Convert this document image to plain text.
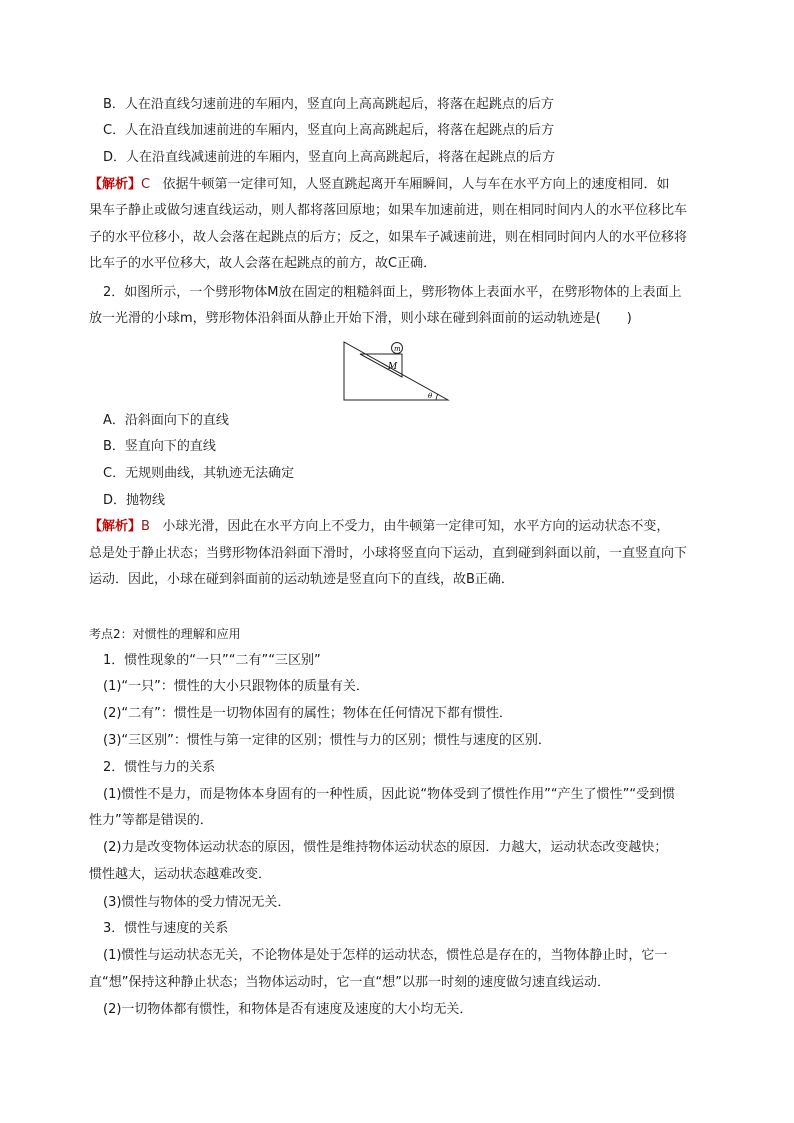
B．人在沿直线匀速前进的车厢内，竖直向上高高跳起后，将落在起跳点的后方
C．人在沿直线加速前进的车厢内，竖直向上高高跳起后，将落在起跳点的后方
D．人在沿直线减速前进的车厢内，竖直向上高高跳起后，将落在起跳点的后方
【解析】C 依据牛顿第一定律可知，人竖直跳起离开车厢瞬间，人与车在水平方向上的速度相同．如
果车子静止或做匀速直线运动，则人都将落回原地；如果车加速前进，则在相同时间内人的水平位移比车
子的水平位移小，故人会落在起跳点的后方；反之，如果车子减速前进，则在相同时间内人的水平位移将
比车子的水平位移大，故人会落在起跳点的前方，故C正确．
2．如图所示，一个劈形物体M放在固定的粗糙斜面上，劈形物体上表面水平，在劈形物体的上表面上
放一光滑的小球m，劈形物体沿斜面从静止开始下滑，则小球在碰到斜面前的运动轨迹是(　　)
m
M
θ
A．沿斜面向下的直线
B．竖直向下的直线
C．无规则曲线，其轨迹无法确定
D．抛物线
【解析】B 小球光滑，因此在水平方向上不受力，由牛顿第一定律可知，水平方向的运动状态不变，
总是处于静止状态；当劈形物体沿斜面下滑时，小球将竖直向下运动，直到碰到斜面以前，一直竖直向下
运动．因此，小球在碰到斜面前的运动轨迹是竖直向下的直线，故B正确．
考点2：对惯性的理解和应用
1．惯性现象的“一只”“二有”“三区别”
(1)“一只”：惯性的大小只跟物体的质量有关．
(2)“二有”：惯性是一切物体固有的属性；物体在任何情况下都有惯性．
(3)“三区别”：惯性与第一定律的区别；惯性与力的区别；惯性与速度的区别．
2．惯性与力的关系
(1)惯性不是力，而是物体本身固有的一种性质，因此说“物体受到了惯性作用”“产生了惯性”“受到惯
性力”等都是错误的．
(2)力是改变物体运动状态的原因，惯性是维持物体运动状态的原因．力越大，运动状态改变越快；
惯性越大，运动状态越难改变．
(3)惯性与物体的受力情况无关．
3．惯性与速度的关系
(1)惯性与运动状态无关，不论物体是处于怎样的运动状态，惯性总是存在的，当物体静止时，它一
直“想”保持这种静止状态；当物体运动时，它一直“想”以那一时刻的速度做匀速直线运动．
(2)一切物体都有惯性，和物体是否有速度及速度的大小均无关．
